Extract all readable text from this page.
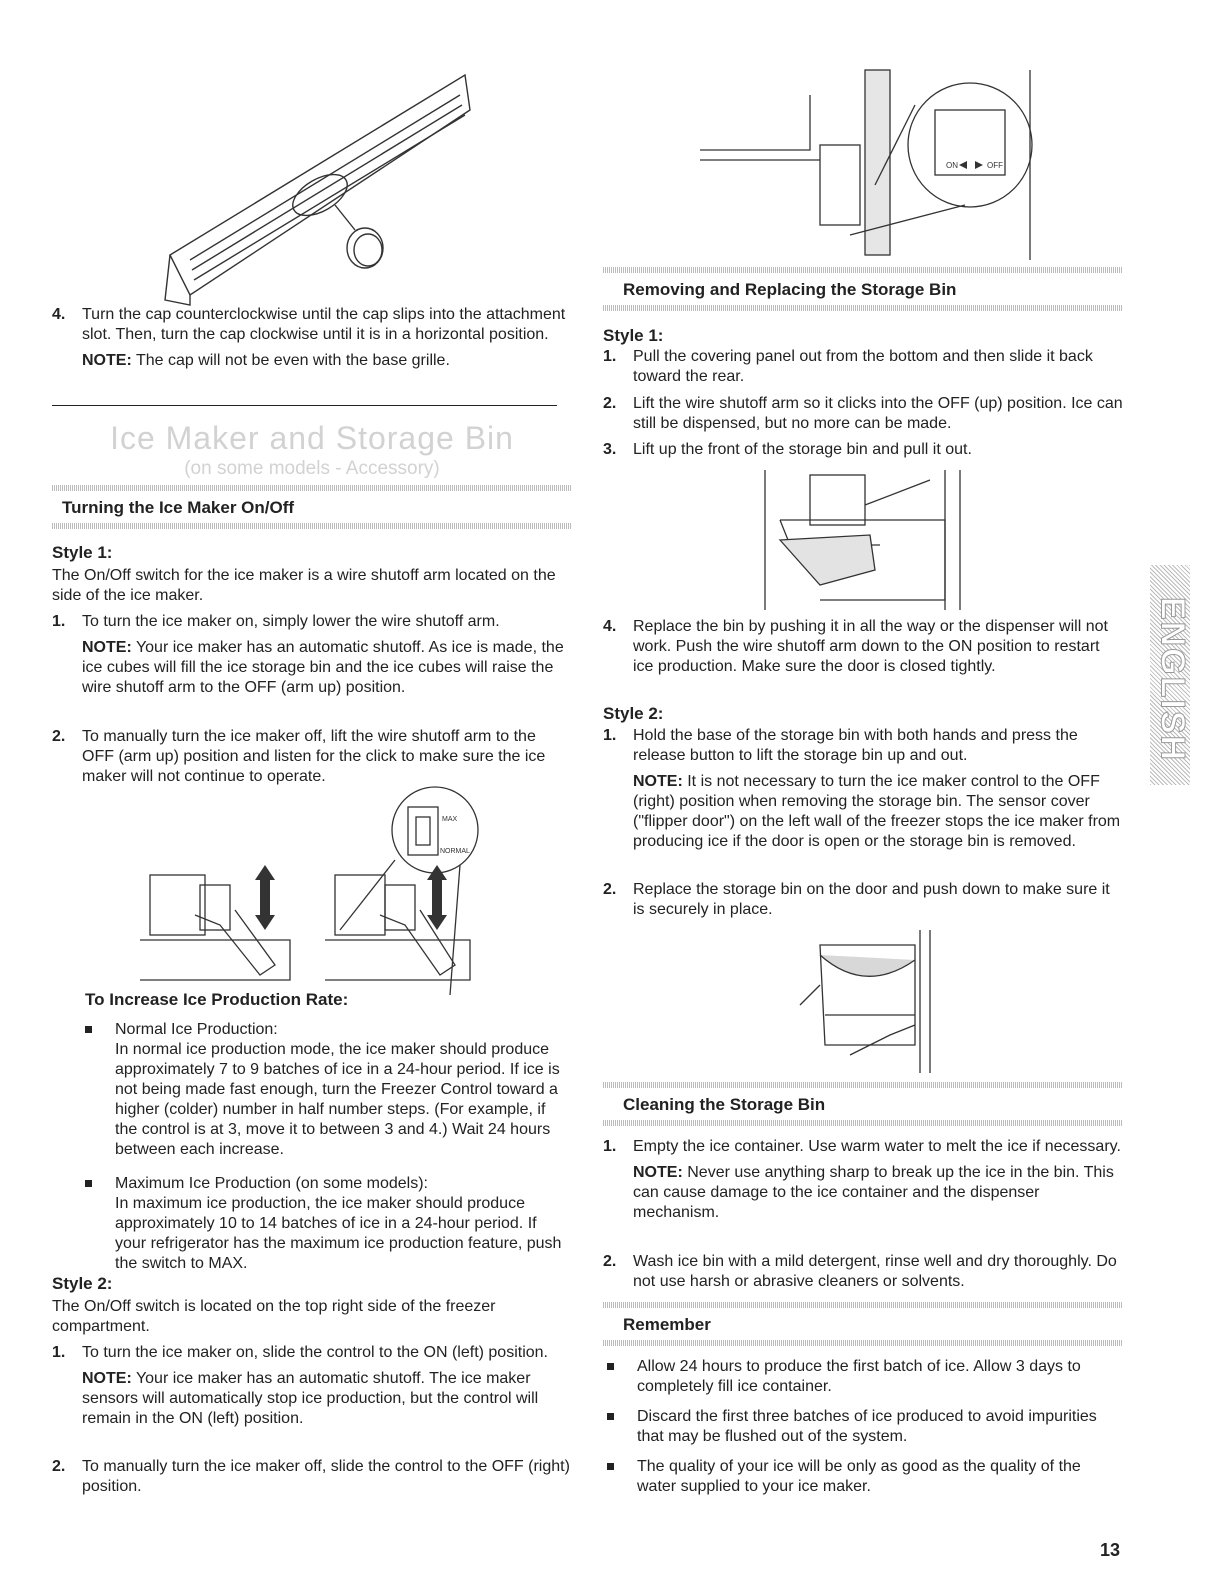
4. Turn the cap counterclockwise until the cap slips into the attachment slot. Then, turn the cap clockwise until it is in a horizontal position.
NOTE: The cap will not be even with the base grille.
Ice Maker and Storage Bin
(on some models - Accessory)
Turning the Ice Maker On/Off
Style 1:
The On/Off switch for the ice maker is a wire shutoff arm located on the side of the ice maker.
1. To turn the ice maker on, simply lower the wire shutoff arm.
NOTE: Your ice maker has an automatic shutoff. As ice is made, the ice cubes will fill the ice storage bin and the ice cubes will raise the wire shutoff arm to the OFF (arm up) position.
2. To manually turn the ice maker off, lift the wire shutoff arm to the OFF (arm up) position and listen for the click to make sure the ice maker will not continue to operate.
MAX
NORMAL
To Increase Ice Production Rate:
Normal Ice Production:
In normal ice production mode, the ice maker should produce approximately 7 to 9 batches of ice in a 24-hour period. If ice is not being made fast enough, turn the Freezer Control toward a higher (colder) number in half number steps. (For example, if the control is at 3, move it to between 3 and 4.) Wait 24 hours between each increase.
Maximum Ice Production (on some models):
In maximum ice production, the ice maker should produce approximately 10 to 14 batches of ice in a 24-hour period. If your refrigerator has the maximum ice production feature, push the switch to MAX.
Style 2:
The On/Off switch is located on the top right side of the freezer compartment.
1. To turn the ice maker on, slide the control to the ON (left) position.
NOTE: Your ice maker has an automatic shutoff. The ice maker sensors will automatically stop ice production, but the control will remain in the ON (left) position.
2. To manually turn the ice maker off, slide the control to the OFF (right) position.
ON	OFF
Removing and Replacing the Storage Bin
Style 1:
1. Pull the covering panel out from the bottom and then slide it back toward the rear.
2. Lift the wire shutoff arm so it clicks into the OFF (up) position. Ice can still be dispensed, but no more can be made.
3. Lift up the front of the storage bin and pull it out.
4. Replace the bin by pushing it in all the way or the dispenser will not work. Push the wire shutoff arm down to the ON position to restart ice production. Make sure the door is closed tightly.
Style 2:
1. Hold the base of the storage bin with both hands and press the release button to lift the storage bin up and out.
NOTE: It is not necessary to turn the ice maker control to the OFF (right) position when removing the storage bin. The sensor cover ("flipper door") on the left wall of the freezer stops the ice maker from producing ice if the door is open or the storage bin is removed.
2. Replace the storage bin on the door and push down to make sure it is securely in place.
Cleaning the Storage Bin
1. Empty the ice container. Use warm water to melt the ice if necessary.
NOTE: Never use anything sharp to break up the ice in the bin. This can cause damage to the ice container and the dispenser mechanism.
2. Wash ice bin with a mild detergent, rinse well and dry thoroughly. Do not use harsh or abrasive cleaners or solvents.
Remember
Allow 24 hours to produce the first batch of ice. Allow 3 days to completely fill ice container.
Discard the first three batches of ice produced to avoid impurities that may be flushed out of the system.
The quality of your ice will be only as good as the quality of the water supplied to your ice maker.
ENGLISH
13
